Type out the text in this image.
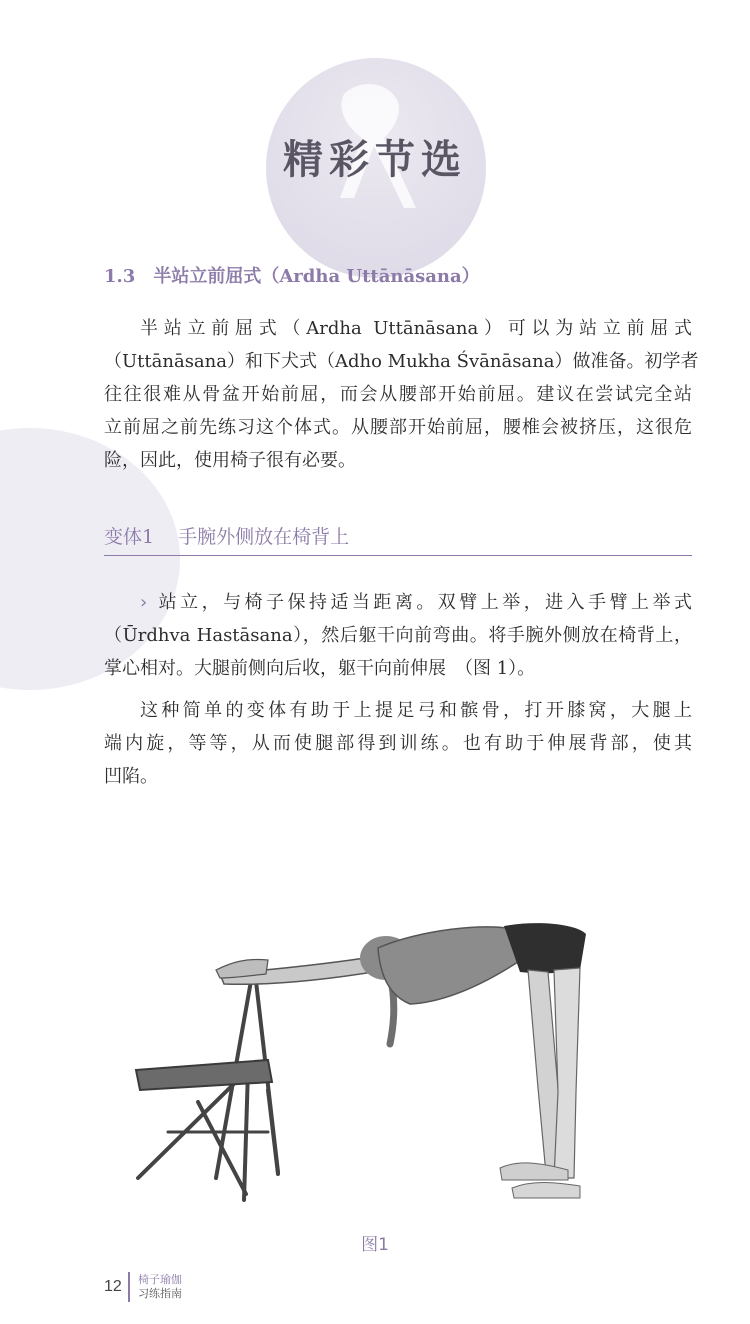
精彩节选
1.3 半站立前屈式（Ardha Uttānāsana）
半站立前屈式（Ardha Uttānāsana）可以为站立前屈式
（Uttānāsana）和下犬式（Adho Mukha Śvānāsana）做准备。初学者
往往很难从骨盆开始前屈，而会从腰部开始前屈。建议在尝试完全站
立前屈之前先练习这个体式。从腰部开始前屈，腰椎会被挤压，这很危
险，因此，使用椅子很有必要。
变体1 手腕外侧放在椅背上
› 站立，与椅子保持适当距离。双臂上举，进入手臂上举式
（Ūrdhva Hastāsana），然后躯干向前弯曲。将手腕外侧放在椅背上，
掌心相对。大腿前侧向后收，躯干向前伸展　（图 1）。
这种简单的变体有助于上提足弓和髌骨，打开膝窝，大腿上
端内旋，等等，从而使腿部得到训练。也有助于伸展背部，使其
凹陷。
图1
12 椅子瑜伽
习练指南
